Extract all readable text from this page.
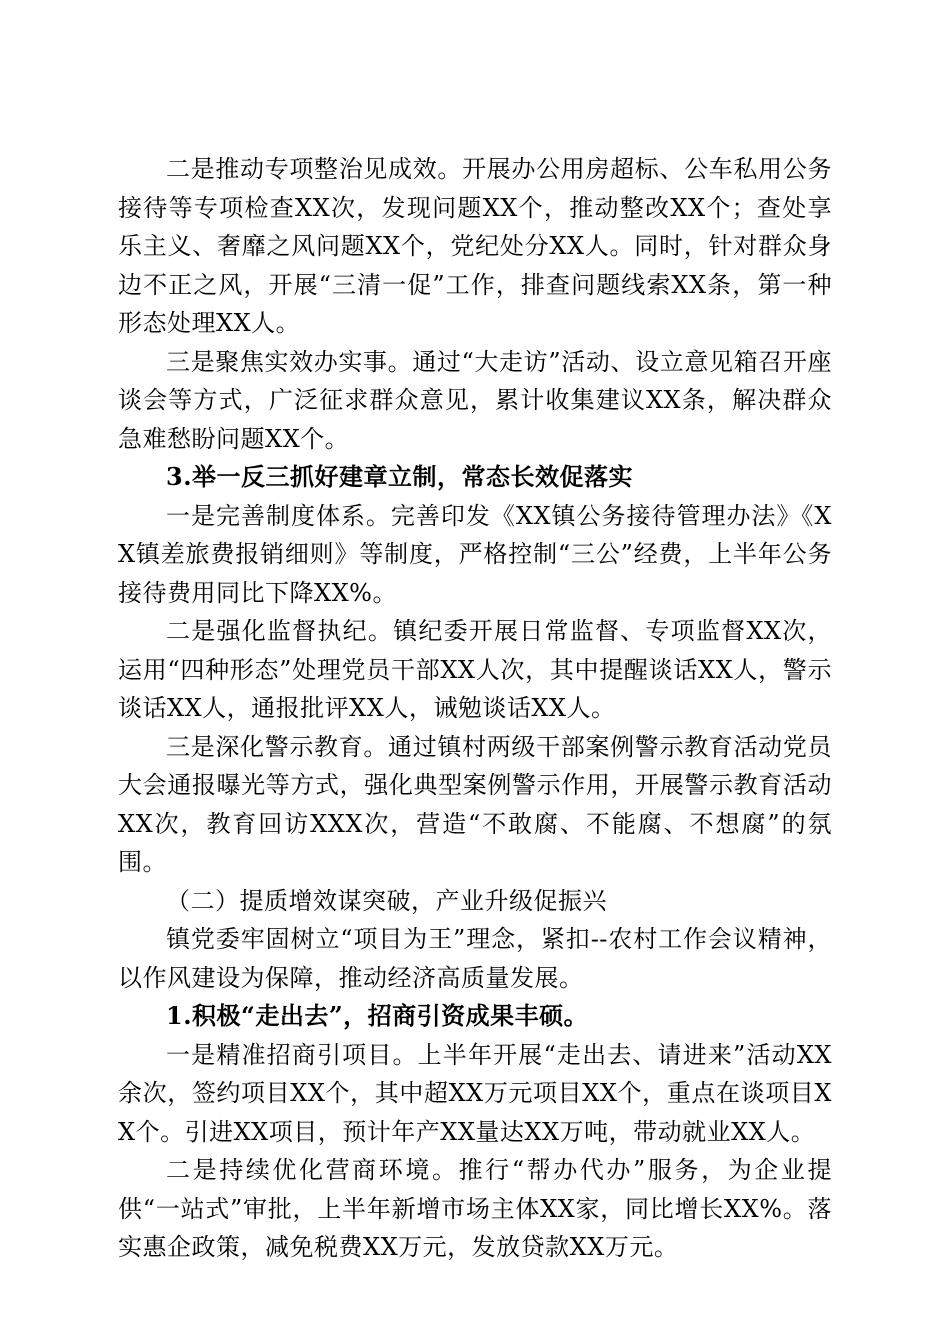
二是推动专项整治见成效。开展办公用房超标、公车私用公务接待等专项检查XX次，发现问题XX个，推动整改XX个；查处享乐主义、奢靡之风问题XX个，党纪处分XX人。同时，针对群众身边不正之风，开展“三清一促”工作，排查问题线索XX条，第一种形态处理XX人。

三是聚焦实效办实事。通过“大走访”活动、设立意见箱召开座谈会等方式，广泛征求群众意见，累计收集建议XX条，解决群众急难愁盼问题XX个。

3.举一反三抓好建章立制，常态长效促落实

一是完善制度体系。完善印发《XX镇公务接待管理办法》《XX镇差旅费报销细则》等制度，严格控制“三公”经费，上半年公务接待费用同比下降XX%。

二是强化监督执纪。镇纪委开展日常监督、专项监督XX次，运用“四种形态”处理党员干部XX人次，其中提醒谈话XX人，警示谈话XX人，通报批评XX人，诫勉谈话XX人。

三是深化警示教育。通过镇村两级干部案例警示教育活动党员大会通报曝光等方式，强化典型案例警示作用，开展警示教育活动XX次，教育回访XXX次，营造“不敢腐、不能腐、不想腐”的氛围。

（二）提质增效谋突破，产业升级促振兴

镇党委牢固树立“项目为王”理念，紧扣--农村工作会议精神，以作风建设为保障，推动经济高质量发展。

1.积极“走出去”，招商引资成果丰硕。

一是精准招商引项目。上半年开展“走出去、请进来”活动XX余次，签约项目XX个，其中超XX万元项目XX个，重点在谈项目XX个。引进XX项目，预计年产XX量达XX万吨，带动就业XX人。

二是持续优化营商环境。推行“帮办代办”服务，为企业提供“一站式”审批，上半年新增市场主体XX家，同比增长XX%。落实惠企政策，减免税费XX万元，发放贷款XX万元。
